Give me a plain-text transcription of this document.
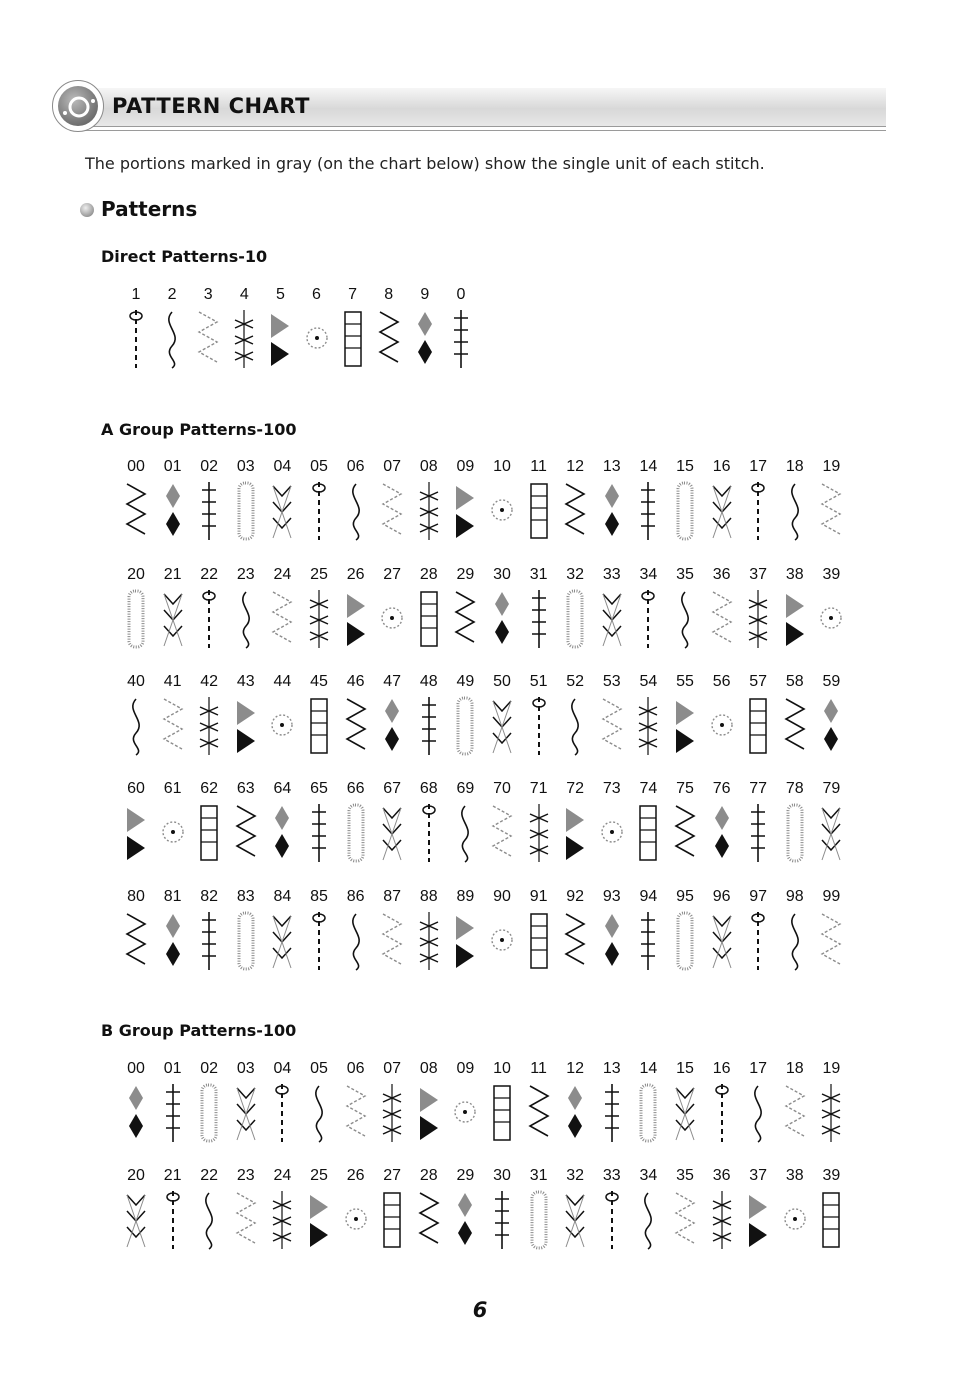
PATTERN CHART
The portions marked in gray (on the chart below) show the single unit of each stitch.
Patterns
Direct Patterns-10
A Group Patterns-100
B Group Patterns-100
1	2	3	4	5	6	7	8	9	0
00	01	02	03	04	05	06	07	08	09	10	11	12	13	14	15	16	17	18	19
20	21	22	23	24	25	26	27	28	29	30	31	32	33	34	35	36	37	38	39
40	41	42	43	44	45	46	47	48	49	50	51	52	53	54	55	56	57	58	59
60	61	62	63	64	65	66	67	68	69	70	71	72	73	74	75	76	77	78	79
80	81	82	83	84	85	86	87	88	89	90	91	92	93	94	95	96	97	98	99
00	01	02	03	04	05	06	07	08	09	10	11	12	13	14	15	16	17	18	19
20	21	22	23	24	25	26	27	28	29	30	31	32	33	34	35	36	37	38	39
6
